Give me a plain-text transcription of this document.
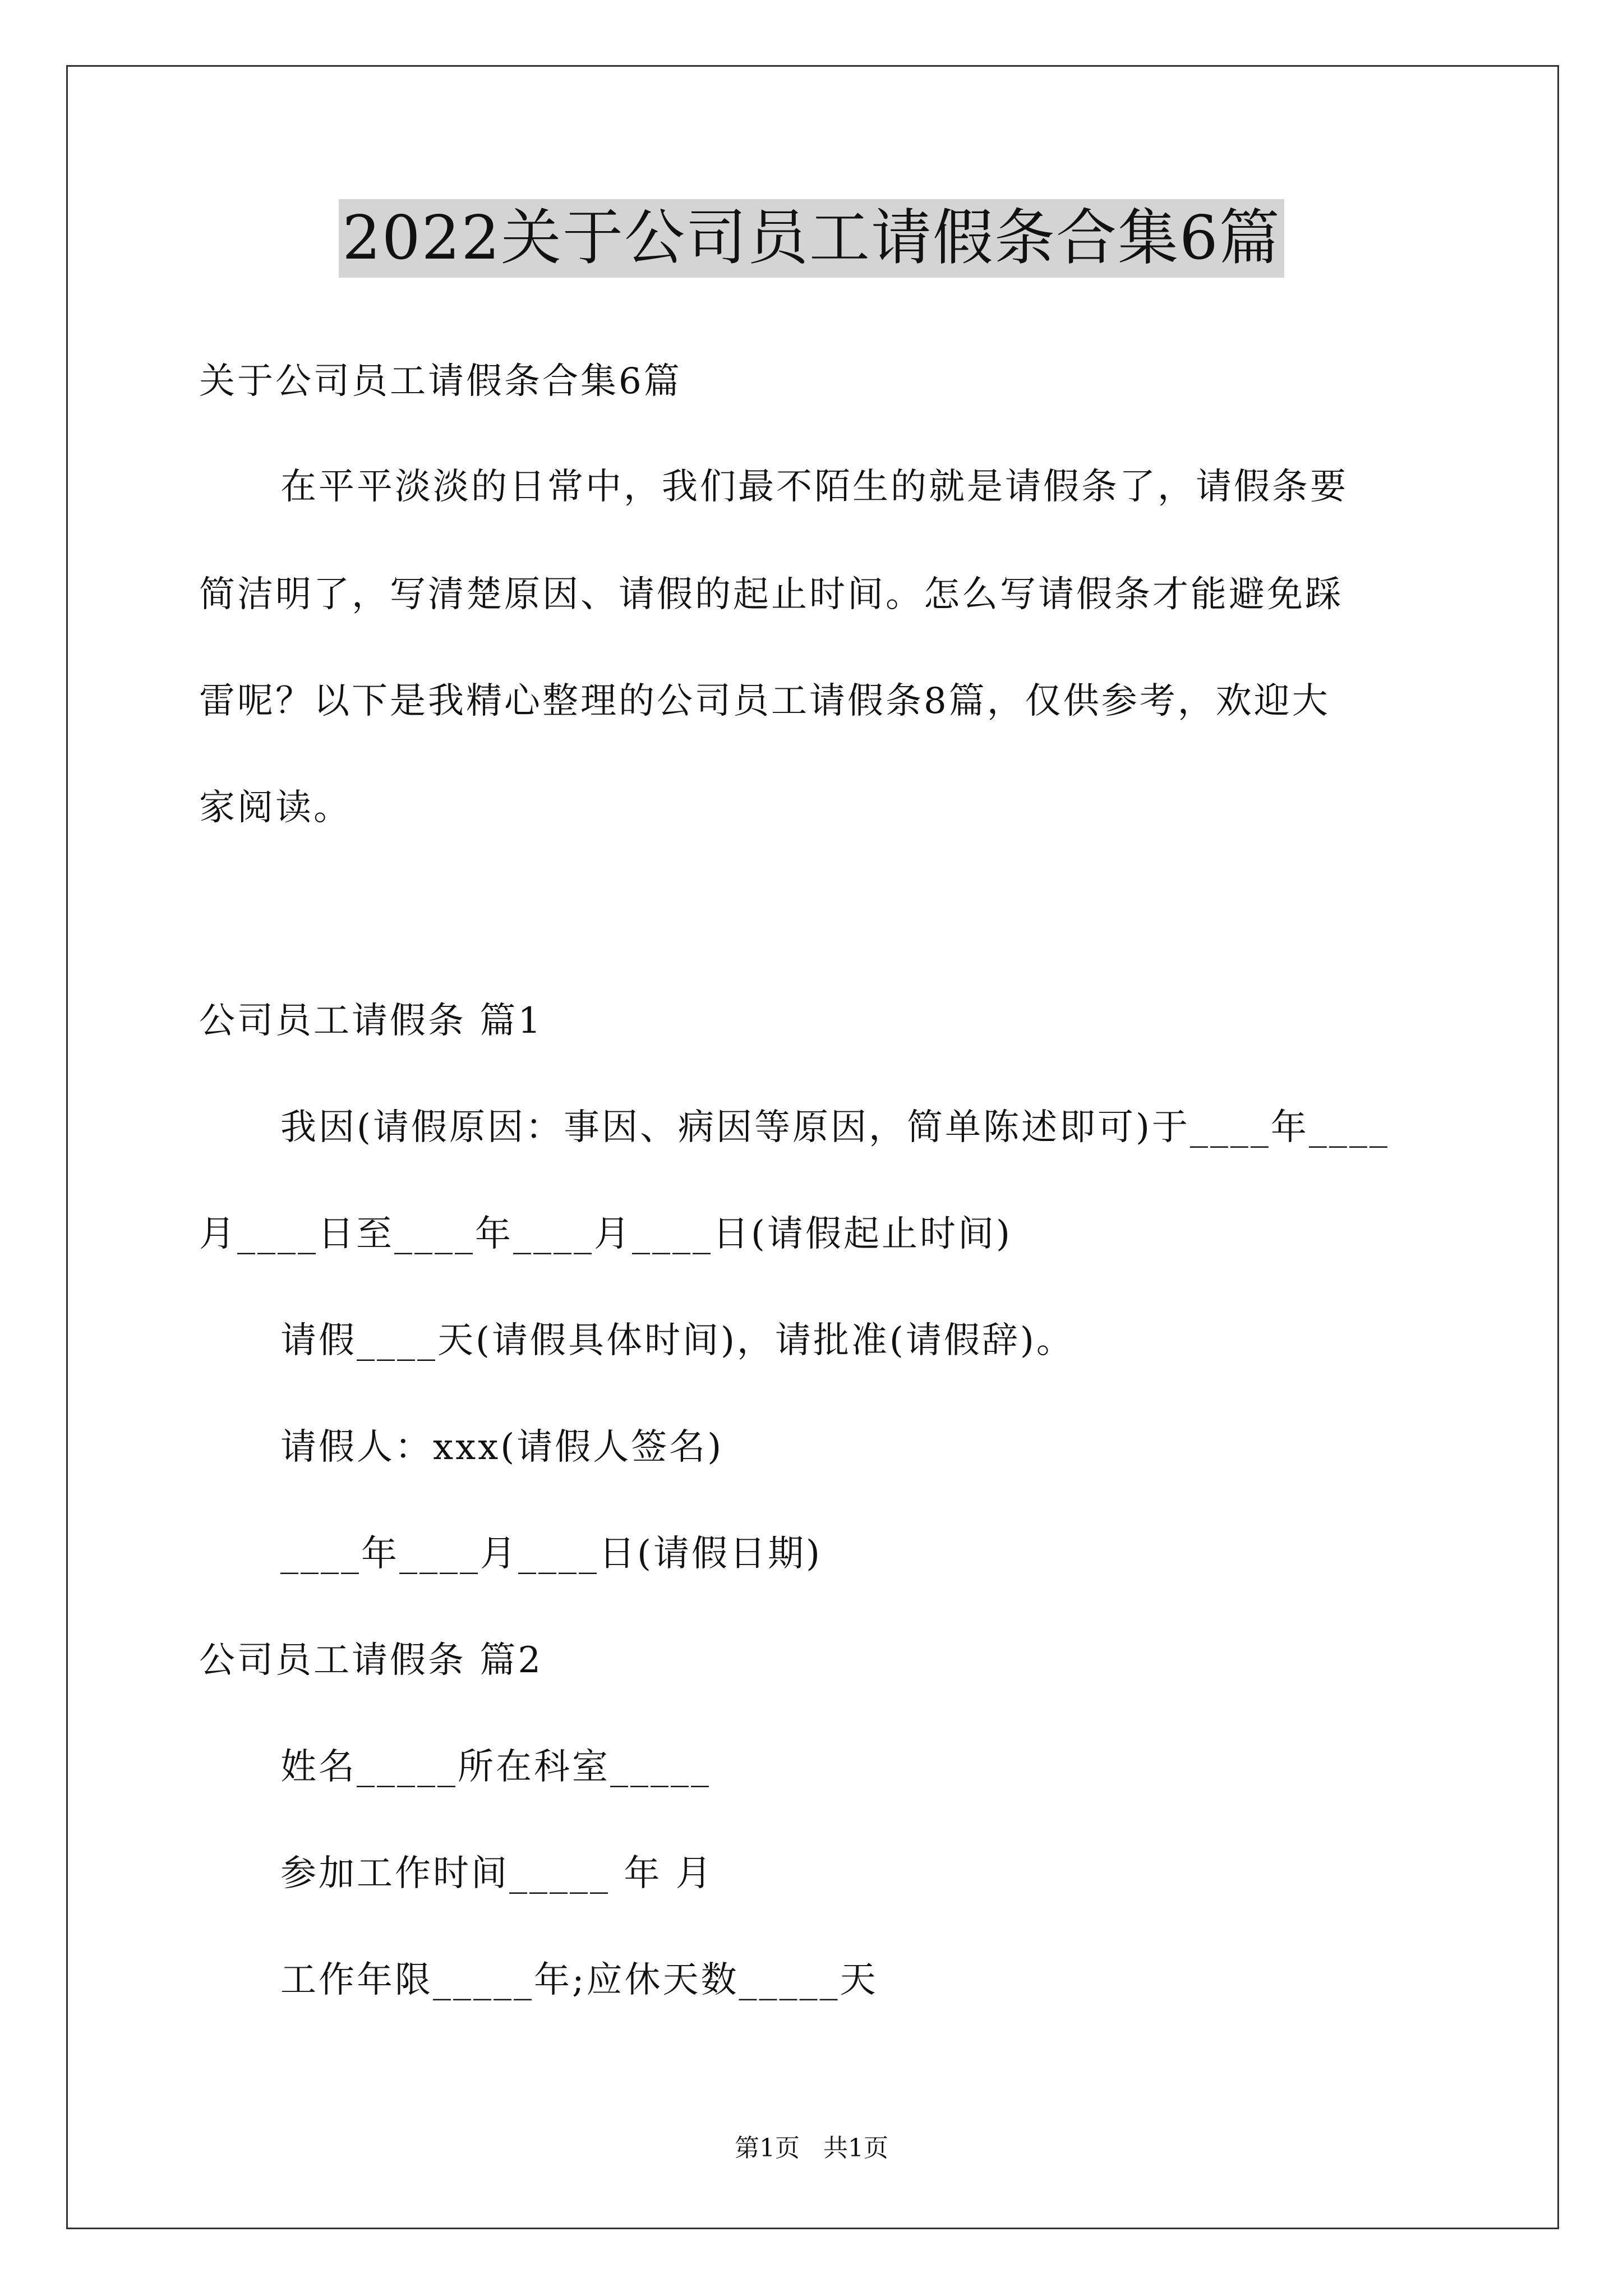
2022关于公司员工请假条合集6篇
关于公司员工请假条合集6篇
在平平淡淡的日常中，我们最不陌生的就是请假条了，请假条要
简洁明了，写清楚原因、请假的起止时间。怎么写请假条才能避免踩
雷呢？以下是我精心整理的公司员工请假条8篇，仅供参考，欢迎大
家阅读。
公司员工请假条 篇1
我因(请假原因：事因、病因等原因，简单陈述即可)于____年____
月____日至____年____月____日(请假起止时间)
请假____天(请假具体时间)，请批准(请假辞)。
请假人：xxx(请假人签名)
____年____月____日(请假日期)
公司员工请假条 篇2
姓名_____所在科室_____
参加工作时间_____ 年 月
工作年限_____年;应休天数_____天
第1页   共1页
